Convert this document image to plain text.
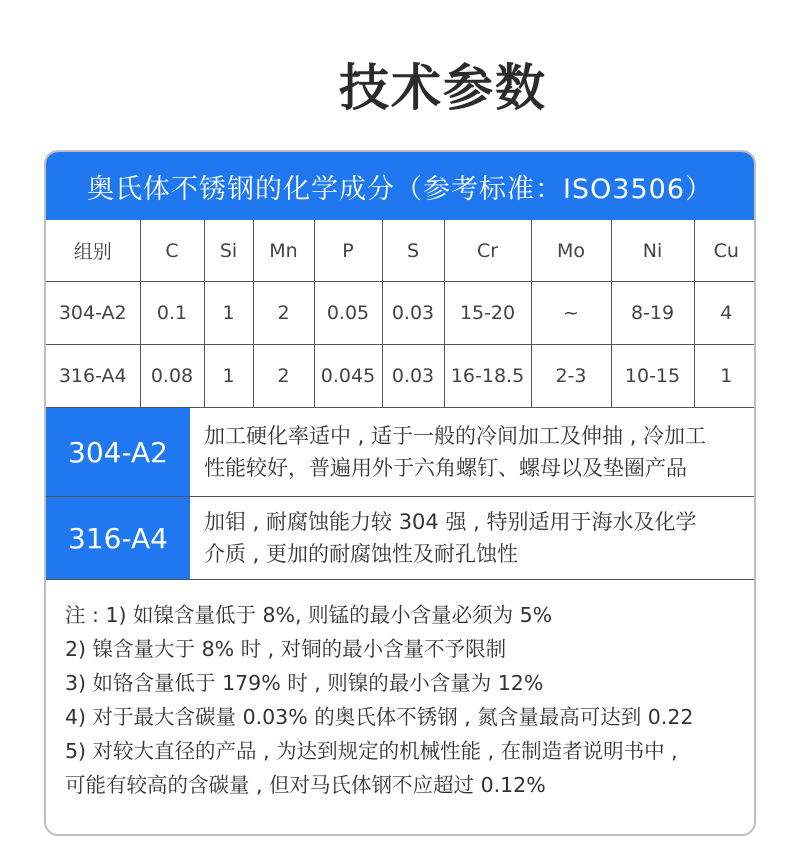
技术参数
奥氏体不锈钢的化学成分（参考标准：ISO3506）
组别	C	Si	Mn	P	S	Cr	Mo	Ni	Cu
304-A2	0.1	1	2	0.05	0.03	15-20	~	8-19	4
316-A4	0.08	1	2	0.045	0.03	16-18.5	2-3	10-15	1
304-A2	加工硬化率适中 , 适于一般的冷间加工及伸抽 , 冷加工
性能较好，普遍用外于六角螺钉、螺母以及垫圈产品
316-A4	加钼 , 耐腐蚀能力较 304 强 , 特别适用于海水及化学
介质 , 更加的耐腐蚀性及耐孔蚀性
注 : 1) 如镍含量低于 8%, 则锰的最小含量必须为 5%
2) 镍含量大于 8% 时 , 对铜的最小含量不予限制
3) 如铬含量低于 179% 时 , 则镍的最小含量为 12%
4) 对于最大含碳量 0.03% 的奥氏体不锈钢 , 氮含量最高可达到 0.22
5) 对较大直径的产品 , 为达到规定的机械性能 , 在制造者说明书中 ,
可能有较高的含碳量 , 但对马氏体钢不应超过 0.12%
